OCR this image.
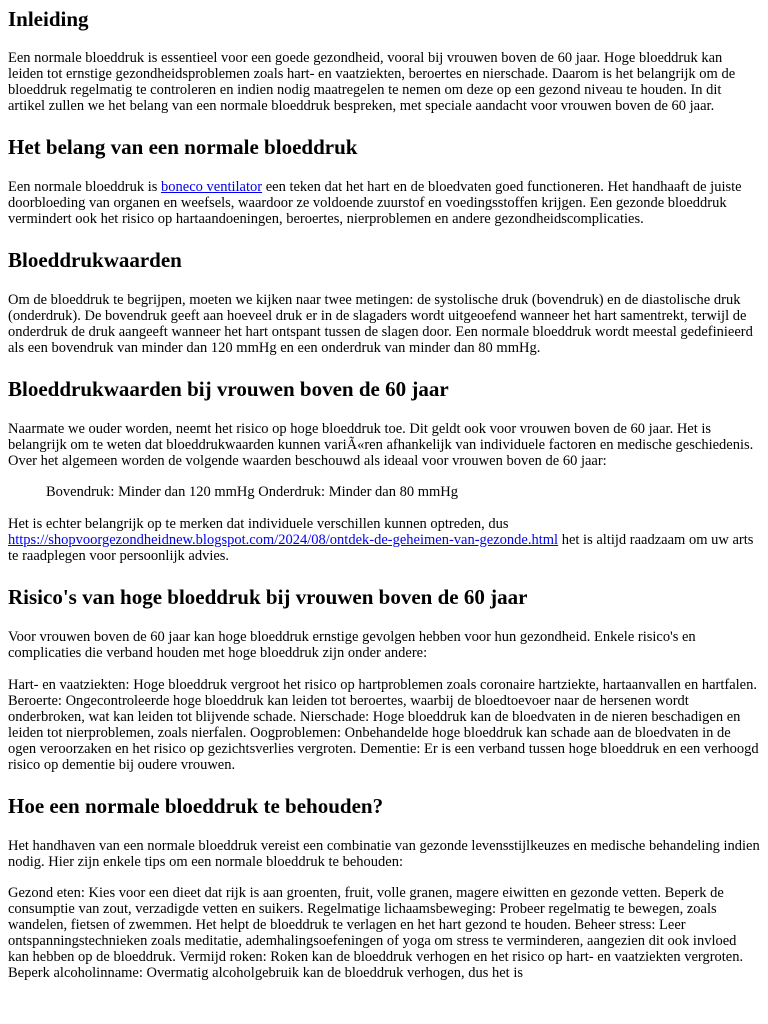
Inleiding

Een normale bloeddruk is essentieel voor een goede gezondheid, vooral bij vrouwen boven de 60 jaar. Hoge bloeddruk kan leiden tot ernstige gezondheidsproblemen zoals hart- en vaatziekten, beroertes en nierschade. Daarom is het belangrijk om de bloeddruk regelmatig te controleren en indien nodig maatregelen te nemen om deze op een gezond niveau te houden. In dit artikel zullen we het belang van een normale bloeddruk bespreken, met speciale aandacht voor vrouwen boven de 60 jaar.

Het belang van een normale bloeddruk

Een normale bloeddruk is boneco ventilator een teken dat het hart en de bloedvaten goed functioneren. Het handhaaft de juiste doorbloeding van organen en weefsels, waardoor ze voldoende zuurstof en voedingsstoffen krijgen. Een gezonde bloeddruk vermindert ook het risico op hartaandoeningen, beroertes, nierproblemen en andere gezondheidscomplicaties.

Bloeddrukwaarden

Om de bloeddruk te begrijpen, moeten we kijken naar twee metingen: de systolische druk (bovendruk) en de diastolische druk (onderdruk). De bovendruk geeft aan hoeveel druk er in de slagaders wordt uitgeoefend wanneer het hart samentrekt, terwijl de onderdruk de druk aangeeft wanneer het hart ontspant tussen de slagen door. Een normale bloeddruk wordt meestal gedefinieerd als een bovendruk van minder dan 120 mmHg en een onderdruk van minder dan 80 mmHg.

Bloeddrukwaarden bij vrouwen boven de 60 jaar

Naarmate we ouder worden, neemt het risico op hoge bloeddruk toe. Dit geldt ook voor vrouwen boven de 60 jaar. Het is belangrijk om te weten dat bloeddrukwaarden kunnen variÃ«ren afhankelijk van individuele factoren en medische geschiedenis. Over het algemeen worden de volgende waarden beschouwd als ideaal voor vrouwen boven de 60 jaar:

Bovendruk: Minder dan 120 mmHg Onderdruk: Minder dan 80 mmHg

Het is echter belangrijk op te merken dat individuele verschillen kunnen optreden, dus https://shopvoorgezondheidnew.blogspot.com/2024/08/ontdek-de-geheimen-van-gezonde.html het is altijd raadzaam om uw arts te raadplegen voor persoonlijk advies.

Risico's van hoge bloeddruk bij vrouwen boven de 60 jaar

Voor vrouwen boven de 60 jaar kan hoge bloeddruk ernstige gevolgen hebben voor hun gezondheid. Enkele risico's en complicaties die verband houden met hoge bloeddruk zijn onder andere:

Hart- en vaatziekten: Hoge bloeddruk vergroot het risico op hartproblemen zoals coronaire hartziekte, hartaanvallen en hartfalen. Beroerte: Ongecontroleerde hoge bloeddruk kan leiden tot beroertes, waarbij de bloedtoevoer naar de hersenen wordt onderbroken, wat kan leiden tot blijvende schade. Nierschade: Hoge bloeddruk kan de bloedvaten in de nieren beschadigen en leiden tot nierproblemen, zoals nierfalen. Oogproblemen: Onbehandelde hoge bloeddruk kan schade aan de bloedvaten in de ogen veroorzaken en het risico op gezichtsverlies vergroten. Dementie: Er is een verband tussen hoge bloeddruk en een verhoogd risico op dementie bij oudere vrouwen.

Hoe een normale bloeddruk te behouden?

Het handhaven van een normale bloeddruk vereist een combinatie van gezonde levensstijlkeuzes en medische behandeling indien nodig. Hier zijn enkele tips om een normale bloeddruk te behouden:

Gezond eten: Kies voor een dieet dat rijk is aan groenten, fruit, volle granen, magere eiwitten en gezonde vetten. Beperk de consumptie van zout, verzadigde vetten en suikers. Regelmatige lichaamsbeweging: Probeer regelmatig te bewegen, zoals wandelen, fietsen of zwemmen. Het helpt de bloeddruk te verlagen en het hart gezond te houden. Beheer stress: Leer ontspanningstechnieken zoals meditatie, ademhalingsoefeningen of yoga om stress te verminderen, aangezien dit ook invloed kan hebben op de bloeddruk. Vermijd roken: Roken kan de bloeddruk verhogen en het risico op hart- en vaatziekten vergroten. Beperk alcoholinname: Overmatig alcoholgebruik kan de bloeddruk verhogen, dus het is
